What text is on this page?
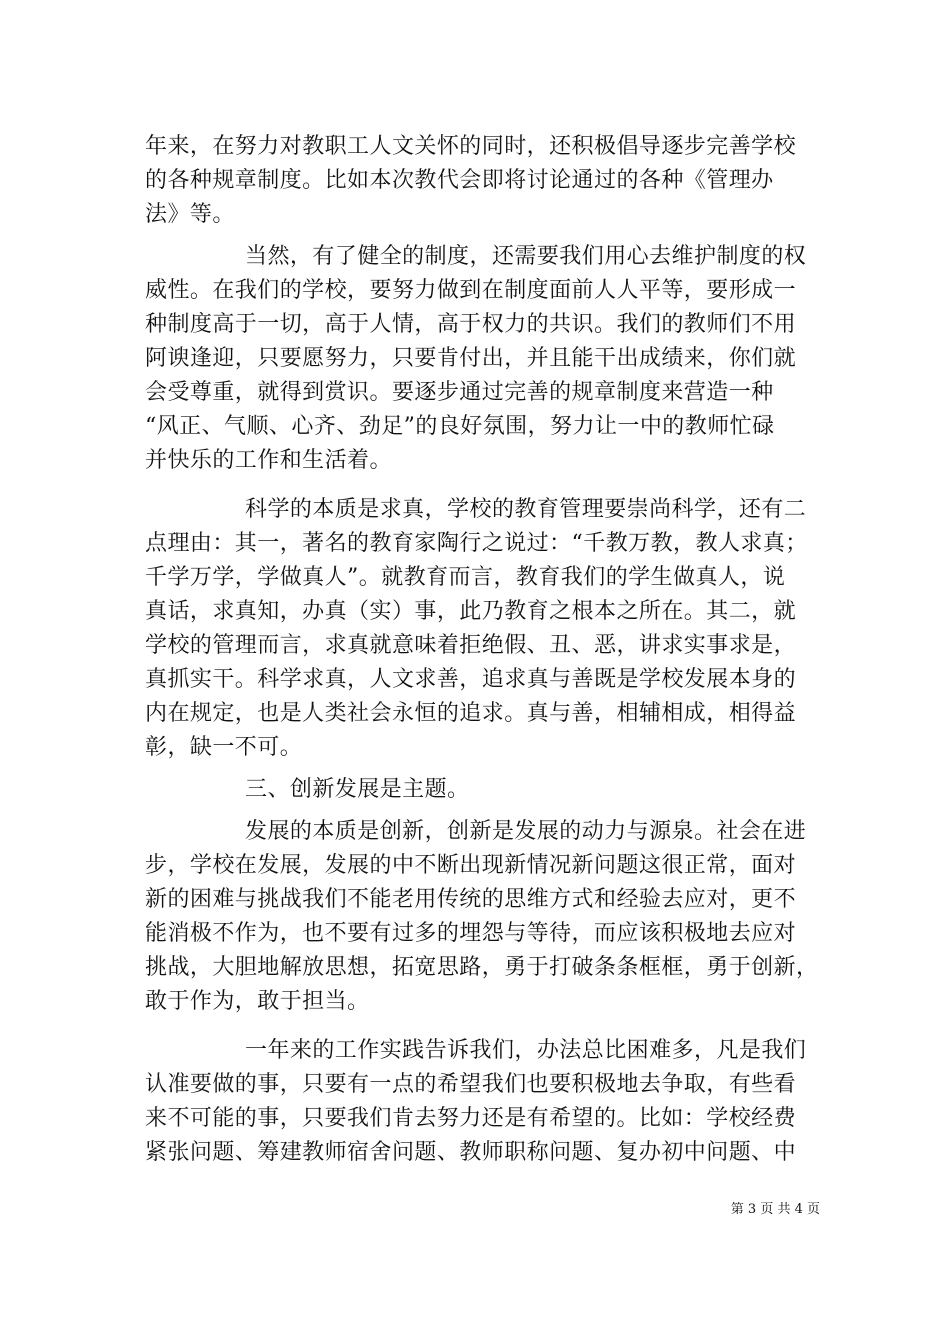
年来，在努力对教职工人文关怀的同时，还积极倡导逐步完善学校
的各种规章制度。比如本次教代会即将讨论通过的各种《管理办
法》等。
当然，有了健全的制度，还需要我们用心去维护制度的权
威性。在我们的学校，要努力做到在制度面前人人平等，要形成一
种制度高于一切，高于人情，高于权力的共识。我们的教师们不用
阿谀逢迎，只要愿努力，只要肯付出，并且能干出成绩来，你们就
会受尊重，就得到赏识。要逐步通过完善的规章制度来营造一种
“风正、气顺、心齐、劲足”的良好氛围，努力让一中的教师忙碌
并快乐的工作和生活着。
科学的本质是求真，学校的教育管理要崇尚科学，还有二
点理由：其一，著名的教育家陶行之说过：“千教万教，教人求真；
千学万学，学做真人”。就教育而言，教育我们的学生做真人，说
真话，求真知，办真（实）事，此乃教育之根本之所在。其二，就
学校的管理而言，求真就意味着拒绝假、丑、恶，讲求实事求是，
真抓实干。科学求真，人文求善，追求真与善既是学校发展本身的
内在规定，也是人类社会永恒的追求。真与善，相辅相成，相得益
彰，缺一不可。
三、创新发展是主题。
发展的本质是创新，创新是发展的动力与源泉。社会在进
步，学校在发展，发展的中不断出现新情况新问题这很正常，面对
新的困难与挑战我们不能老用传统的思维方式和经验去应对，更不
能消极不作为，也不要有过多的埋怨与等待，而应该积极地去应对
挑战，大胆地解放思想，拓宽思路，勇于打破条条框框，勇于创新，
敢于作为，敢于担当。
一年来的工作实践告诉我们，办法总比困难多，凡是我们
认准要做的事，只要有一点的希望我们也要积极地去争取，有些看
来不可能的事，只要我们肯去努力还是有希望的。比如：学校经费
紧张问题、筹建教师宿舍问题、教师职称问题、复办初中问题、中
第 3 页 共 4 页
